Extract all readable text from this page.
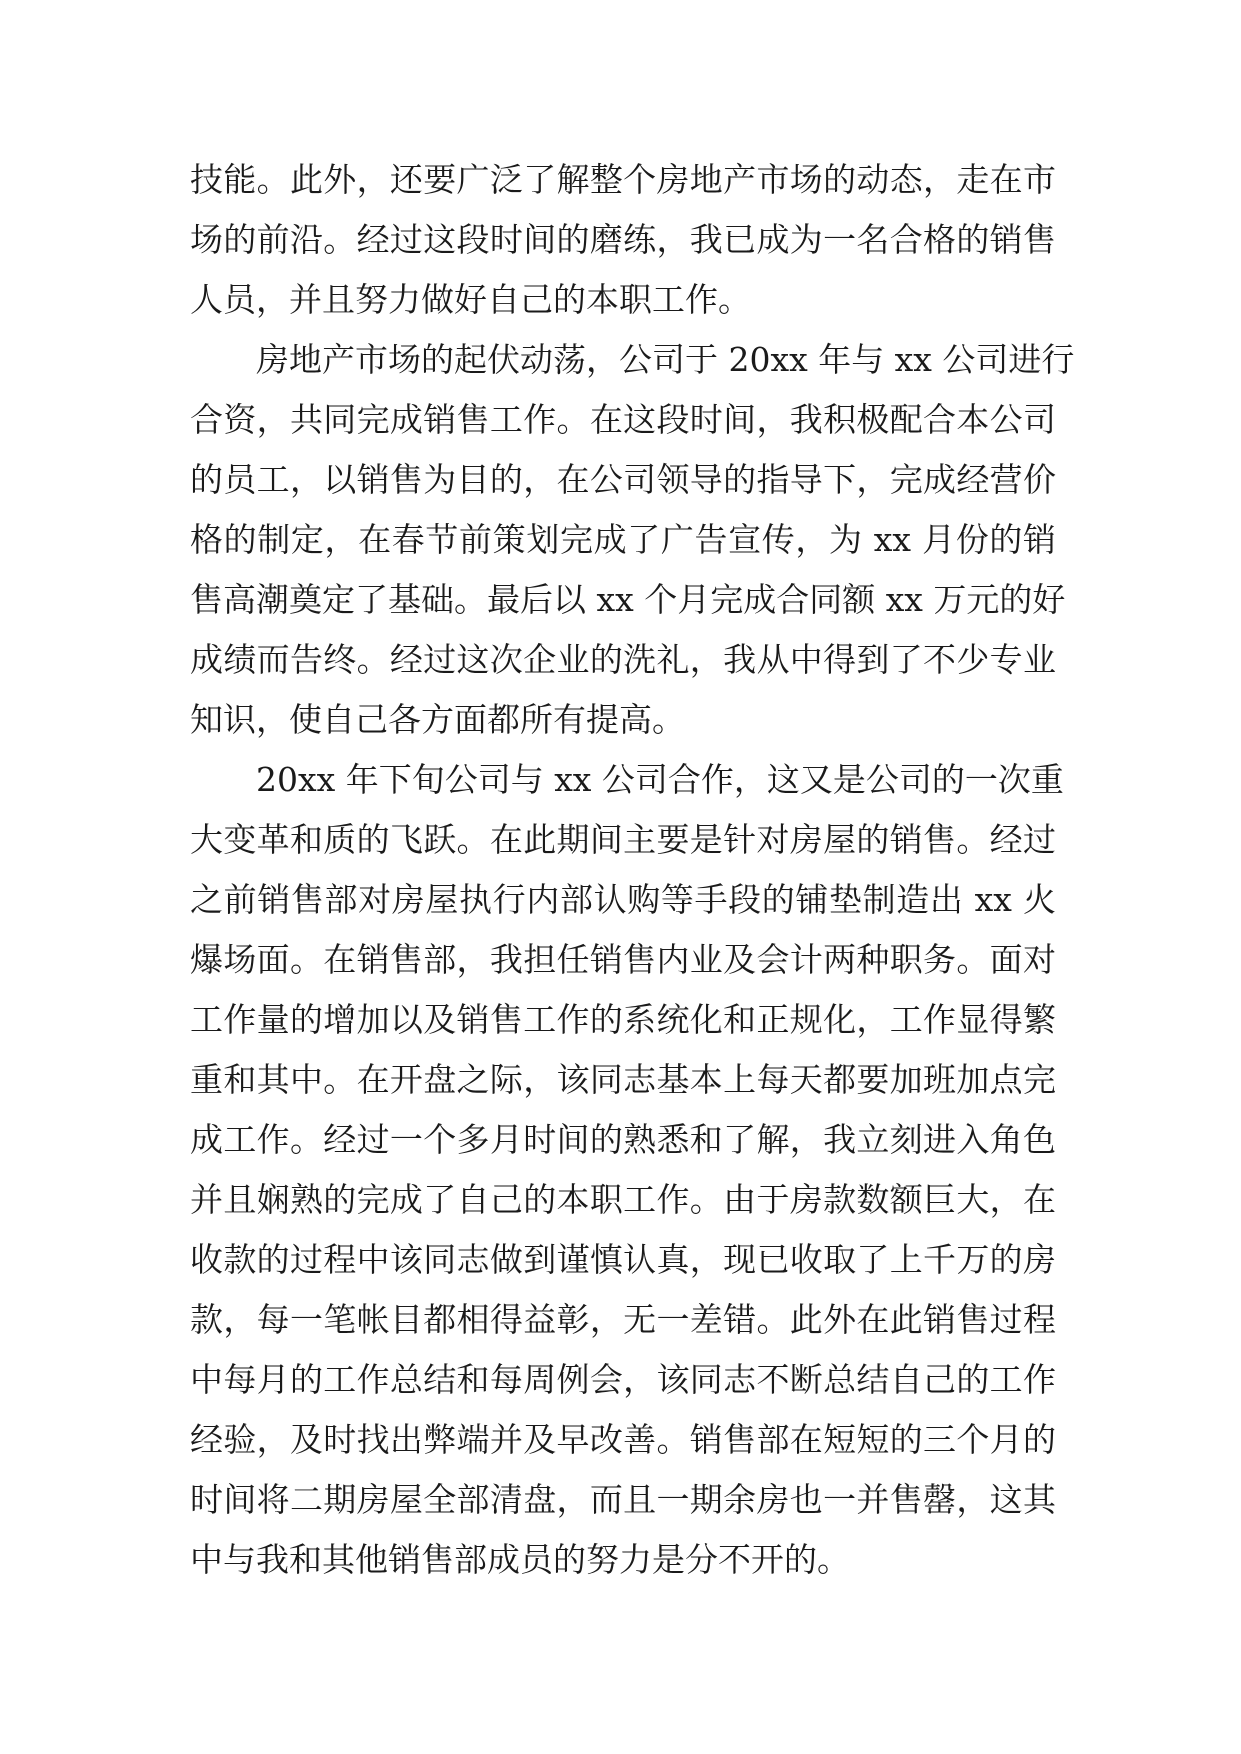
技能。此外，还要广泛了解整个房地产市场的动态，走在市
场的前沿。经过这段时间的磨练，我已成为一名合格的销售
人员，并且努力做好自己的本职工作。
房地产市场的起伏动荡，公司于 20xx 年与 xx 公司进行
合资，共同完成销售工作。在这段时间，我积极配合本公司
的员工，以销售为目的，在公司领导的指导下，完成经营价
格的制定，在春节前策划完成了广告宣传，为 xx 月份的销
售高潮奠定了基础。最后以 xx 个月完成合同额 xx 万元的好
成绩而告终。经过这次企业的洗礼，我从中得到了不少专业
知识，使自己各方面都所有提高。
20xx 年下旬公司与 xx 公司合作，这又是公司的一次重
大变革和质的飞跃。在此期间主要是针对房屋的销售。经过
之前销售部对房屋执行内部认购等手段的铺垫制造出 xx 火
爆场面。在销售部，我担任销售内业及会计两种职务。面对
工作量的增加以及销售工作的系统化和正规化，工作显得繁
重和其中。在开盘之际，该同志基本上每天都要加班加点完
成工作。经过一个多月时间的熟悉和了解，我立刻进入角色
并且娴熟的完成了自己的本职工作。由于房款数额巨大，在
收款的过程中该同志做到谨慎认真，现已收取了上千万的房
款，每一笔帐目都相得益彰，无一差错。此外在此销售过程
中每月的工作总结和每周例会，该同志不断总结自己的工作
经验，及时找出弊端并及早改善。销售部在短短的三个月的
时间将二期房屋全部清盘，而且一期余房也一并售罄，这其
中与我和其他销售部成员的努力是分不开的。
